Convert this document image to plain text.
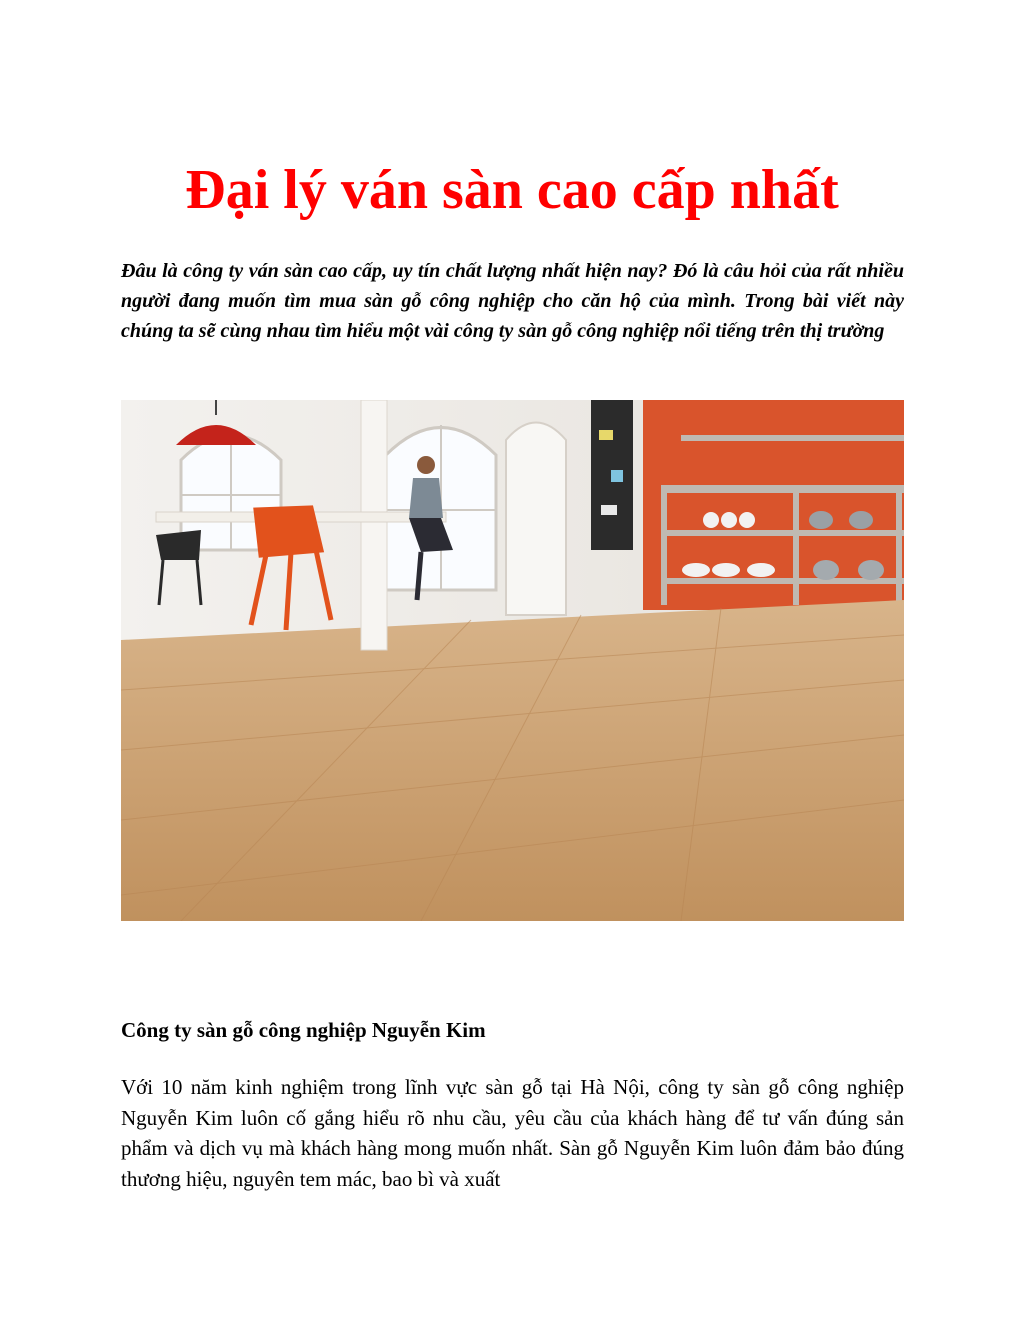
Đại lý ván sàn cao cấp nhất

Đâu là công ty ván sàn cao cấp, uy tín chất lượng nhất hiện nay? Đó là câu hỏi của rất nhiều người đang muốn tìm mua sàn gỗ công nghiệp cho căn hộ của mình. Trong bài viết này chúng ta sẽ cùng nhau tìm hiểu một vài công ty sàn gỗ công nghiệp nổi tiếng trên thị trường

Công ty sàn gỗ công nghiệp Nguyễn Kim

Với 10 năm kinh nghiệm trong lĩnh vực sàn gỗ tại Hà Nội, công ty sàn gỗ công nghiệp Nguyễn Kim luôn cố gắng hiểu rõ nhu cầu, yêu cầu của khách hàng để tư vấn đúng sản phẩm và dịch vụ mà khách hàng mong muốn nhất. Sàn gỗ Nguyễn Kim luôn đảm bảo đúng thương hiệu, nguyên tem mác, bao bì và xuất
